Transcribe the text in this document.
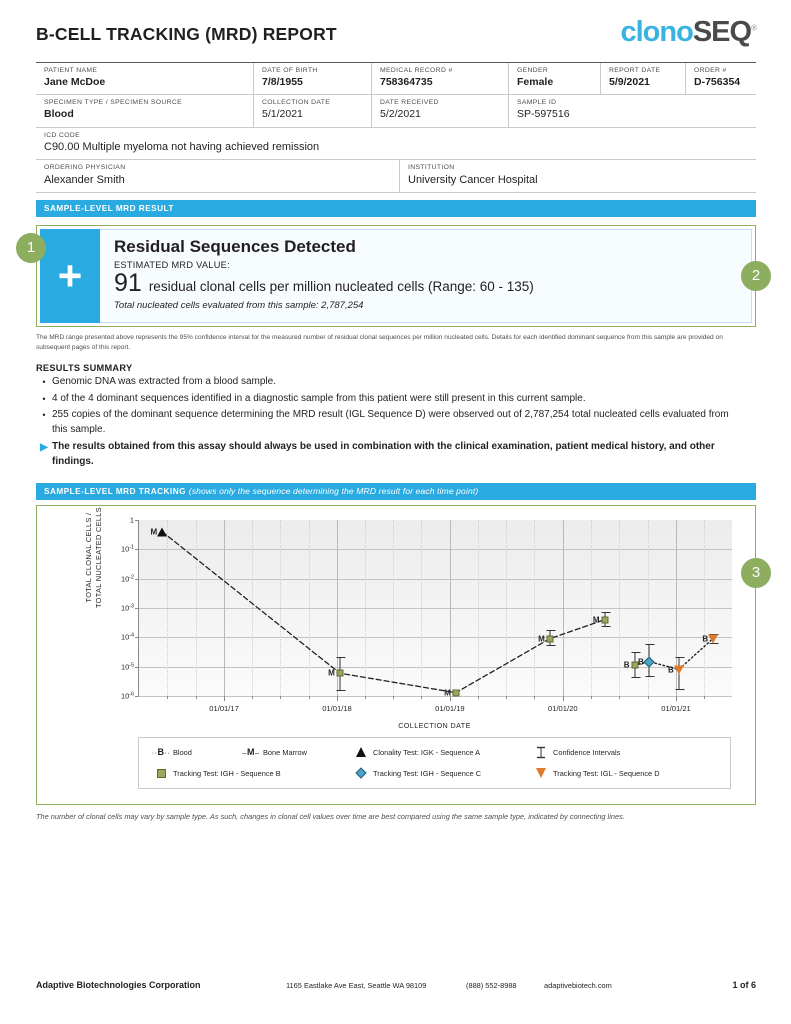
B-CELL TRACKING (MRD) REPORT	clonoSEQ®
PATIENT NAME
Jane McDoe
DATE OF BIRTH
7/8/1955
MEDICAL RECORD #
758364735
GENDER
Female
REPORT DATE
5/9/2021
ORDER #
D-756354
SPECIMEN TYPE / SPECIMEN SOURCE
Blood
COLLECTION DATE
5/1/2021
DATE RECEIVED
5/2/2021
SAMPLE ID
SP-597516
ICD CODE
C90.00 Multiple myeloma not having achieved remission
ORDERING PHYSICIAN
Alexander Smith
INSTITUTION
University Cancer Hospital
SAMPLE-LEVEL MRD RESULT
+
Residual Sequences Detected
ESTIMATED MRD VALUE:
91 residual clonal cells per million nucleated cells (Range: 60 - 135)
Total nucleated cells evaluated from this sample: 2,787,254
1
2
The MRD range presented above represents the 95% confidence interval for the measured number of residual clonal sequences per million nucleated cells. Details for each identified dominant sequence from this sample are provided on subsequent pages of this report.
RESULTS SUMMARY
• Genomic DNA was extracted from a blood sample.
• 4 of the 4 dominant sequences identified in a diagnostic sample from this patient were still present in this current sample.
• 255 copies of the dominant sequence determining the MRD result (IGL Sequence D) were observed out of 2,787,254 total nucleated cells evaluated from this sample.
▶ The results obtained from this assay should always be used in combination with the clinical examination, patient medical history, and other findings.
SAMPLE-LEVEL MRD TRACKING (shows only the sequence determining the MRD result for each time point)
TOTAL CLONAL CELLS /
TOTAL NUCLEATED CELLS	1
$10^{-1}$
$10^{-2}$
$10^{-3}$
$10^{-4}$
$10^{-5}$
$10^{-6}$
01/01/17	01/01/18	01/01/19	01/01/20	01/01/21
M
M
M
M
M
B B
B
B
COLLECTION DATE
··B·· Blood	–M– Bone Marrow	Clonality Test: IGK - Sequence A	Confidence Intervals
Tracking Test: IGH - Sequence B	Tracking Test: IGH - Sequence C	Tracking Test: IGL - Sequence D
3
The number of clonal cells may vary by sample type. As such, changes in clonal cell values over time are best compared using the same sample type, indicated by connecting lines.
Adaptive Biotechnologies Corporation	1165 Eastlake Ave East, Seattle WA 98109	(888) 552-8988	adaptivebiotech.com	1 of 6
